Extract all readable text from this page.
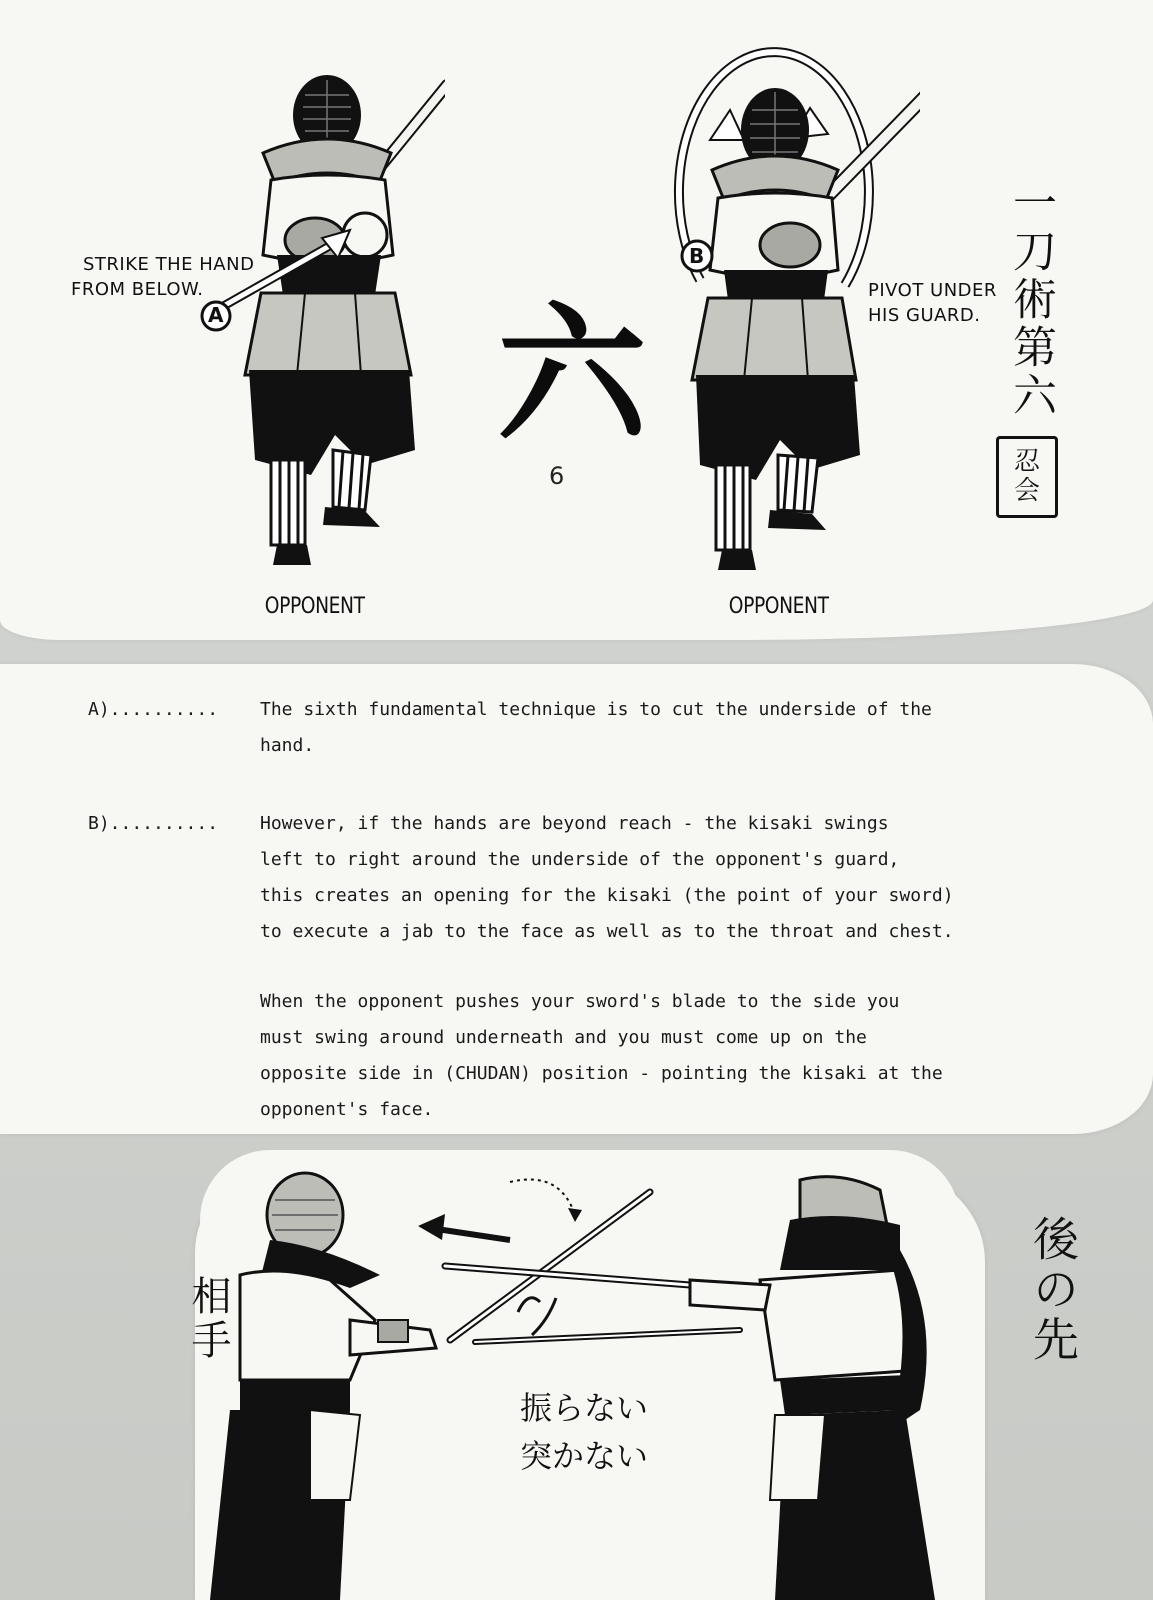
A
STRIKE THE HAND
FROM BELOW.
OPPONENT
六
6
B
PIVOT UNDER
HIS GUARD.
OPPONENT
一刀術第六
忍
会
A).......... The sixth fundamental technique is to cut the underside of the
hand.
B).......... However, if the hands are beyond reach - the kisaki swings
left to right around the underside of the opponent's guard,
this creates an opening for the kisaki (the point of your sword)
to execute a jab to the face as well as to the throat and chest.
When the opponent pushes your sword's blade to the side you
must swing around underneath and you must come up on the
opposite side in (CHUDAN) position - pointing the kisaki at the
opponent's face.
相手	後の先
振らない
突かない
